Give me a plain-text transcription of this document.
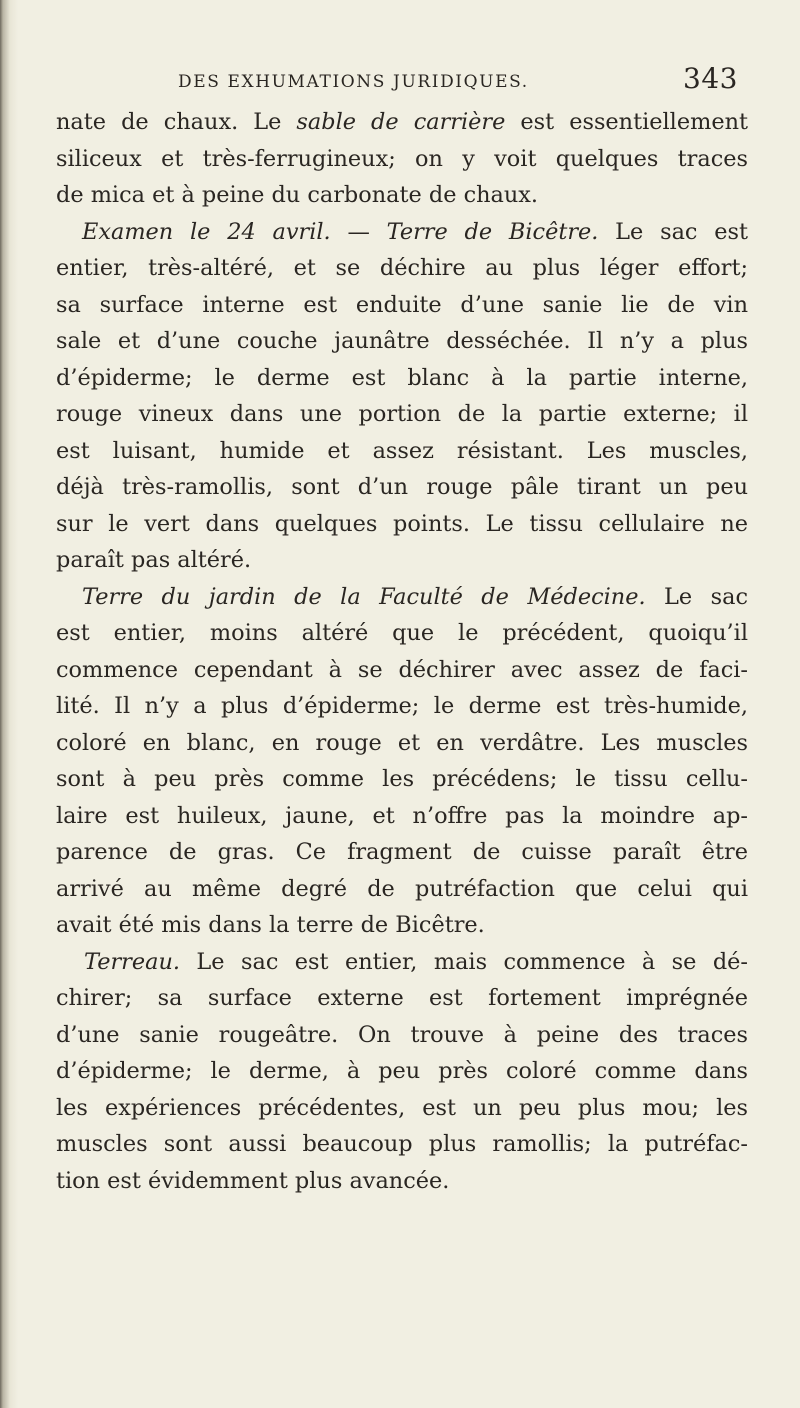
DES EXHUMATIONS JURIDIQUES.	343
nate de chaux. Le sable de carrière est essentiellement
siliceux et très-ferrugineux; on y voit quelques traces
de mica et à peine du carbonate de chaux.
Examen le 24 avril. — Terre de Bicêtre. Le sac est
entier, très-altéré, et se déchire au plus léger effort;
sa surface interne est enduite d’une sanie lie de vin
sale et d’une couche jaunâtre desséchée. Il n’y a plus
d’épiderme; le derme est blanc à la partie interne,
rouge vineux dans une portion de la partie externe; il
est luisant, humide et assez résistant. Les muscles,
déjà très-ramollis, sont d’un rouge pâle tirant un peu
sur le vert dans quelques points. Le tissu cellulaire ne
paraît pas altéré.
Terre du jardin de la Faculté de Médecine. Le sac
est entier, moins altéré que le précédent, quoiqu’il
commence cependant à se déchirer avec assez de faci-
lité. Il n’y a plus d’épiderme; le derme est très-humide,
coloré en blanc, en rouge et en verdâtre. Les muscles
sont à peu près comme les précédens; le tissu cellu-
laire est huileux, jaune, et n’offre pas la moindre ap-
parence de gras. Ce fragment de cuisse paraît être
arrivé au même degré de putréfaction que celui qui
avait été mis dans la terre de Bicêtre.
Terreau. Le sac est entier, mais commence à se dé-
chirer; sa surface externe est fortement imprégnée
d’une sanie rougeâtre. On trouve à peine des traces
d’épiderme; le derme, à peu près coloré comme dans
les expériences précédentes, est un peu plus mou; les
muscles sont aussi beaucoup plus ramollis; la putréfac-
tion est évidemment plus avancée.
